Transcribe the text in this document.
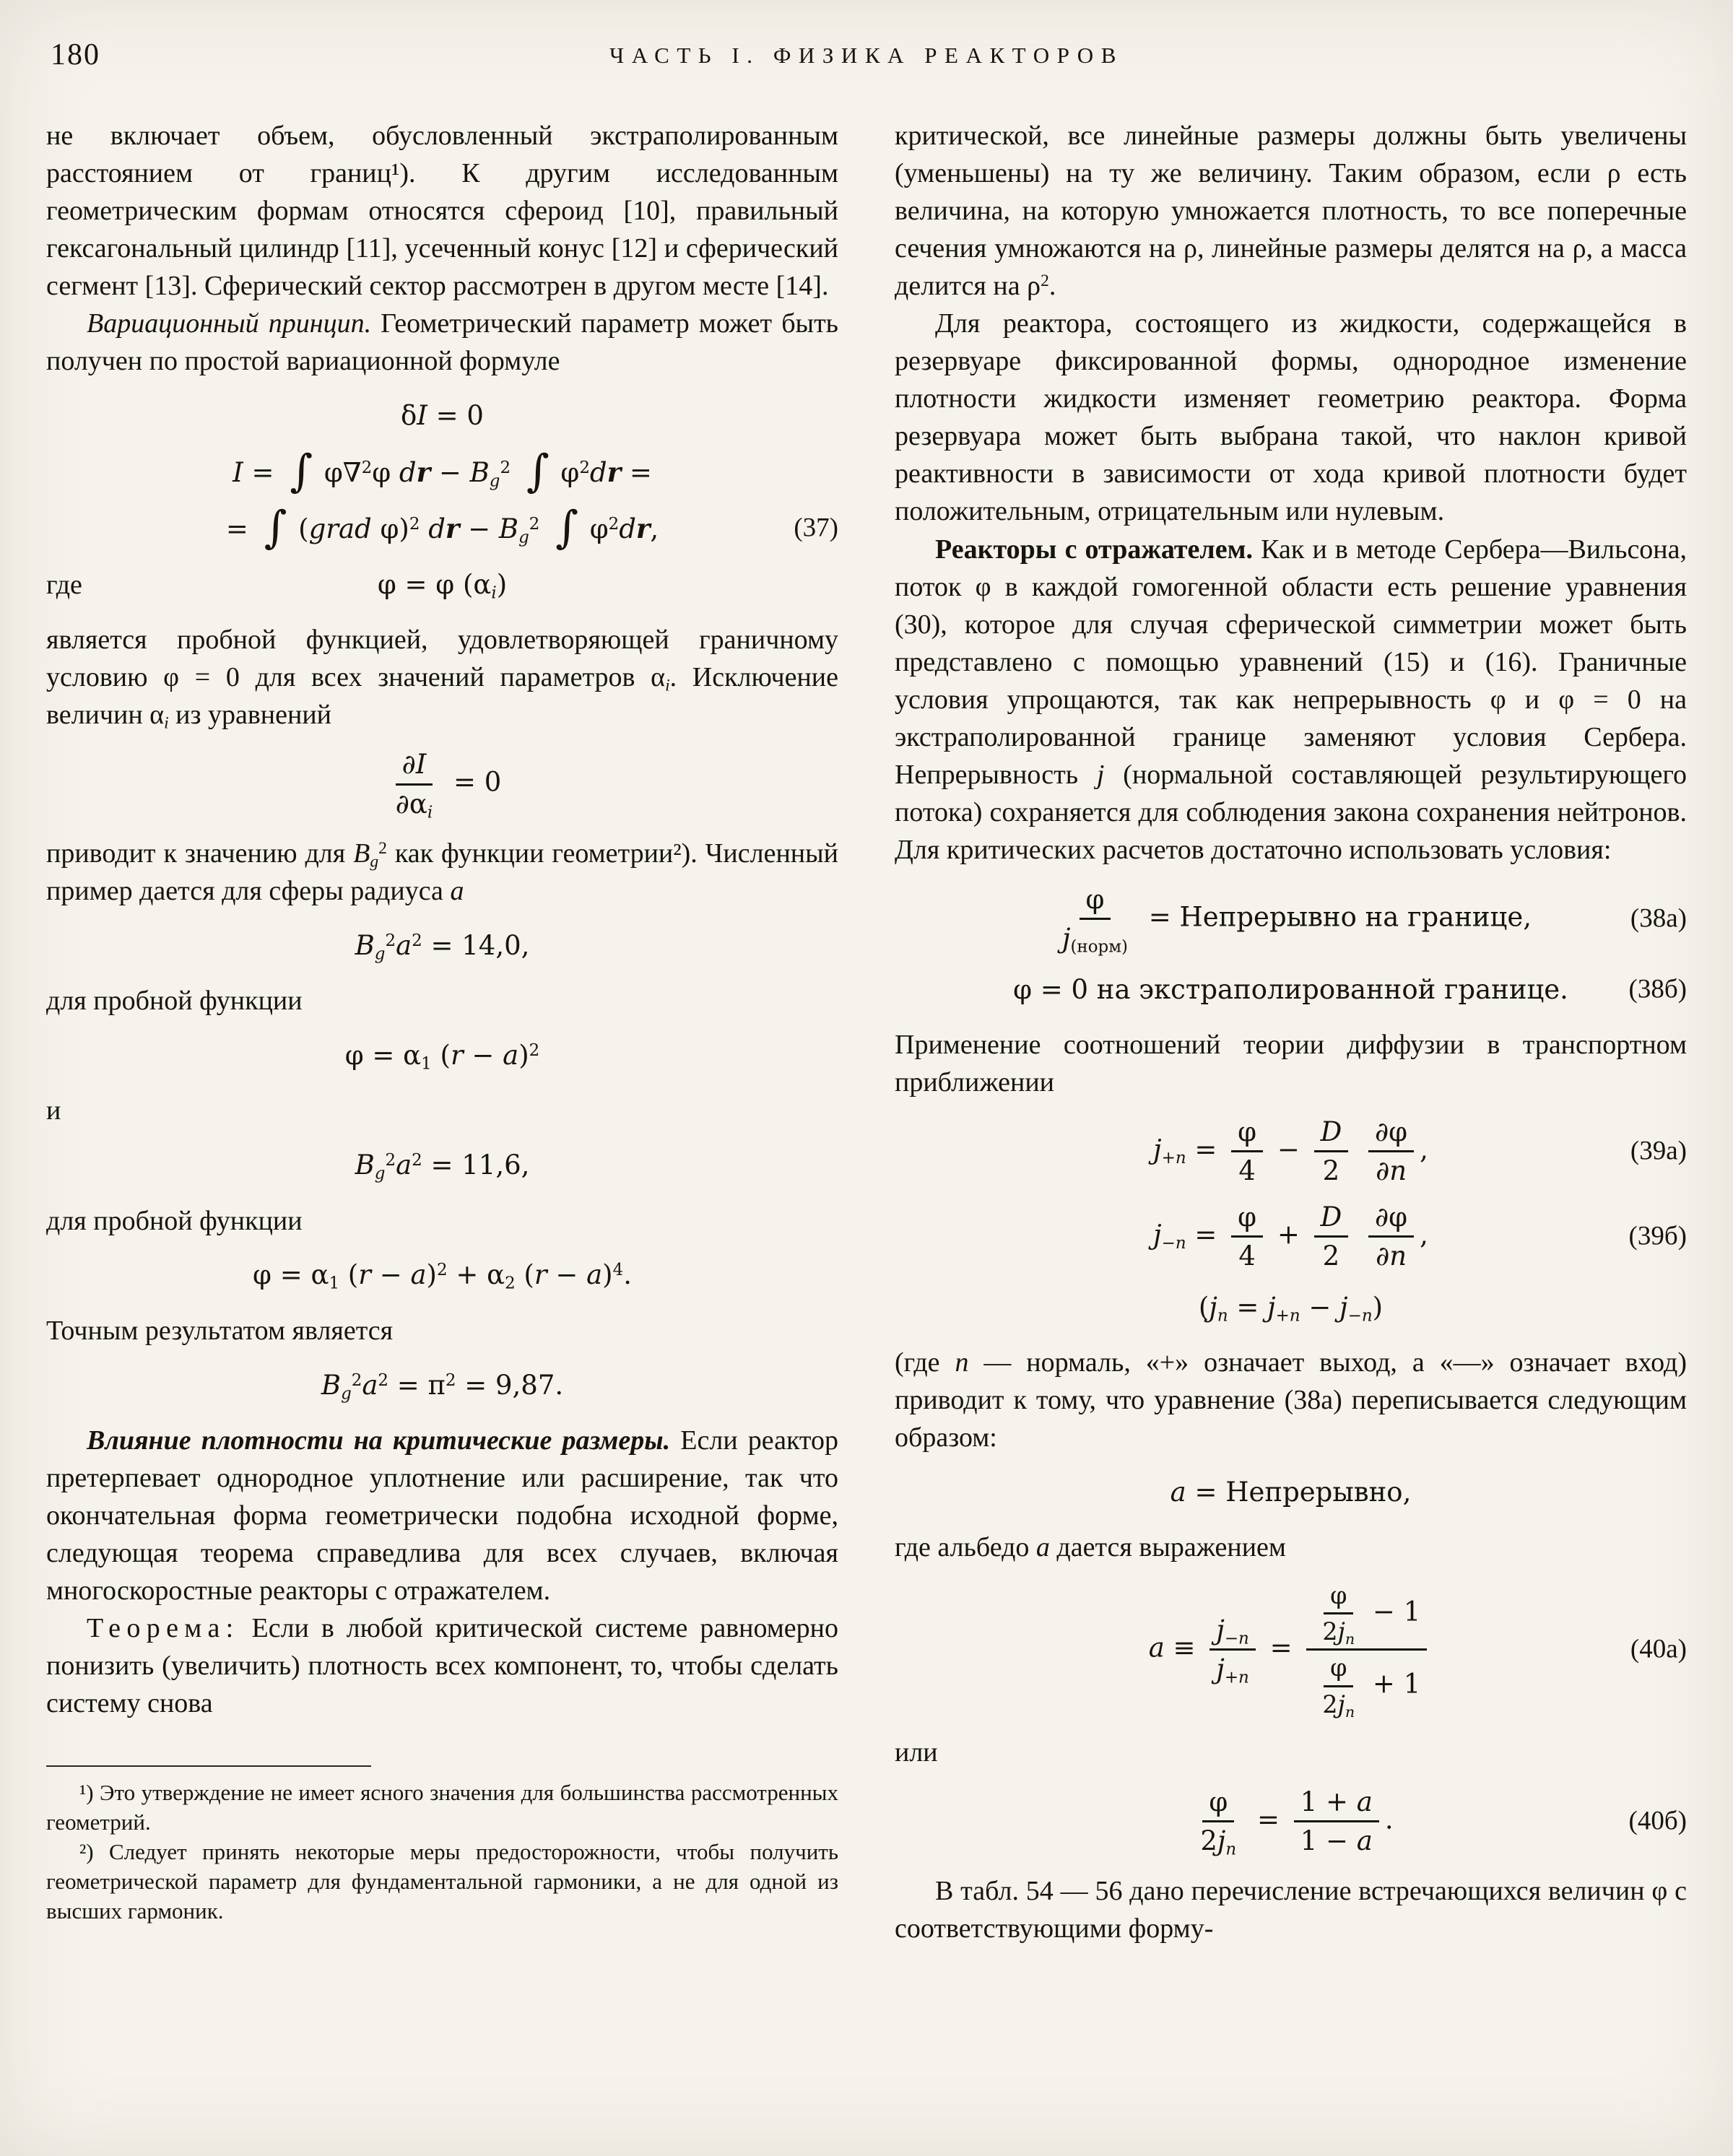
180	ЧАСТЬ I. ФИЗИКА РЕАКТОРОВ

не включает объем, обусловленный экстраполированным расстоянием от границ¹). К другим исследованным геометрическим формам относятся сфероид [10], правильный гексагональный цилиндр [11], усеченный конус [12] и сферический сегмент [13]. Сферический сектор рассмотрен в другом месте [14].

Вариационный принцип. Геометрический параметр может быть получен по простой вариационной формуле

δI = 0
I = ∫ φ∇$^2$φ dr − $B_g^2$ ∫ $\varphi^2dr$ =
= ∫ (grad φ)$^2$ dr − $B_g^2$ ∫ $\varphi^2dr$,	(37)
где	φ = φ $(\alpha_i)$

является пробной функцией, удовлетворяющей граничному условию φ = 0 для всех значений параметров $\alpha_i$. Исключение величин $\alpha_i$ из уравнений

$\frac{\partial I}{\partial\alpha_i} = 0$

приводит к значению для $B_g^2$ как функции геометрии²). Численный пример дается для сферы радиуса a

$B_g^2a^2 = 14,0$,

для пробной функции

$\varphi = \alpha_1$ $(r - a)^2$

и

$B_g^2a^2 = 11,6$,

для пробной функции

$\varphi = \alpha_1$ $(r - a)^2 + \alpha_2$ $(r - a)^4$.

Точным результатом является

$B_g^2a^2 = \pi^2 = 9,87$.

Влияние плотности на критические размеры. Если реактор претерпевает однородное уплотнение или расширение, так что окончательная форма геометрически подобна исходной форме, следующая теорема справедлива для всех случаев, включая многоскоростные реакторы с отражателем.

Теорема: Если в любой критической системе равномерно понизить (увеличить) плотность всех компонент, то, чтобы сделать систему снова

¹) Это утверждение не имеет ясного значения для большинства рассмотренных геометрий.

²) Следует принять некоторые меры предосторожности, чтобы получить геометрической параметр для фундаментальной гармоники, а не для одной из высших гармоник.

критической, все линейные размеры должны быть увеличены (уменьшены) на ту же величину. Таким образом, если ρ есть величина, на которую умножается плотность, то все поперечные сечения умножаются на ρ, линейные размеры делятся на ρ, а масса делится на $\rho^2$.

Для реактора, состоящего из жидкости, содержащейся в резервуаре фиксированной формы, однородное изменение плотности жидкости изменяет геометрию реактора. Форма резервуара может быть выбрана такой, что наклон кривой реактивности в зависимости от хода кривой плотности будет положительным, отрицательным или нулевым.

Реакторы с отражателем. Как и в методе Сербера—Вильсона, поток φ в каждой гомогенной области есть решение уравнения (30), которое для случая сферической симметрии может быть представлено с помощью уравнений (15) и (16). Граничные условия упрощаются, так как непрерывность φ и φ = 0 на экстраполированной границе заменяют условия Сербера. Непрерывность j (нормальной составляющей результирующего потока) сохраняется для соблюдения закона сохранения нейтронов. Для критических расчетов достаточно использовать условия:

$\frac{\varphi}{j_{(норм)}}$ = Непрерывно на границе,	(38а)
φ = 0 на экстраполированной границе. (38б)

Применение соотношений теории диффузии в транспортном приближении

$j_{+n} = \frac{\varphi}{4} - \frac{D}{2}$
$\frac{\partial\varphi}{\partial n}$ ,	(39а)
$j_{-n} = \frac{\varphi}{4} + \frac{D}{2}$
$\frac{\partial\varphi}{\partial n}$ ,	(39б)
$(j_n = j_{+n} - j_{-n})$

(где n — нормаль, «+» означает выход, а «—» означает вход) приводит к тому, что уравнение (38а) переписывается следующим образом:

a = Непрерывно,

где альбедо a дается выражением

$a \equiv \frac{j_{-n}}{j_{+n}} = \frac{\frac{\varphi}{2j_n} - 1}{\frac{\varphi}{2j_n} + 1}$	(40а)

или

$\frac{\varphi}{2j_n} = \frac{1 + a}{1 - a}$ .	(40б)

В табл. 54 — 56 дано перечисление встречающихся величин φ с соответствующими форму-
